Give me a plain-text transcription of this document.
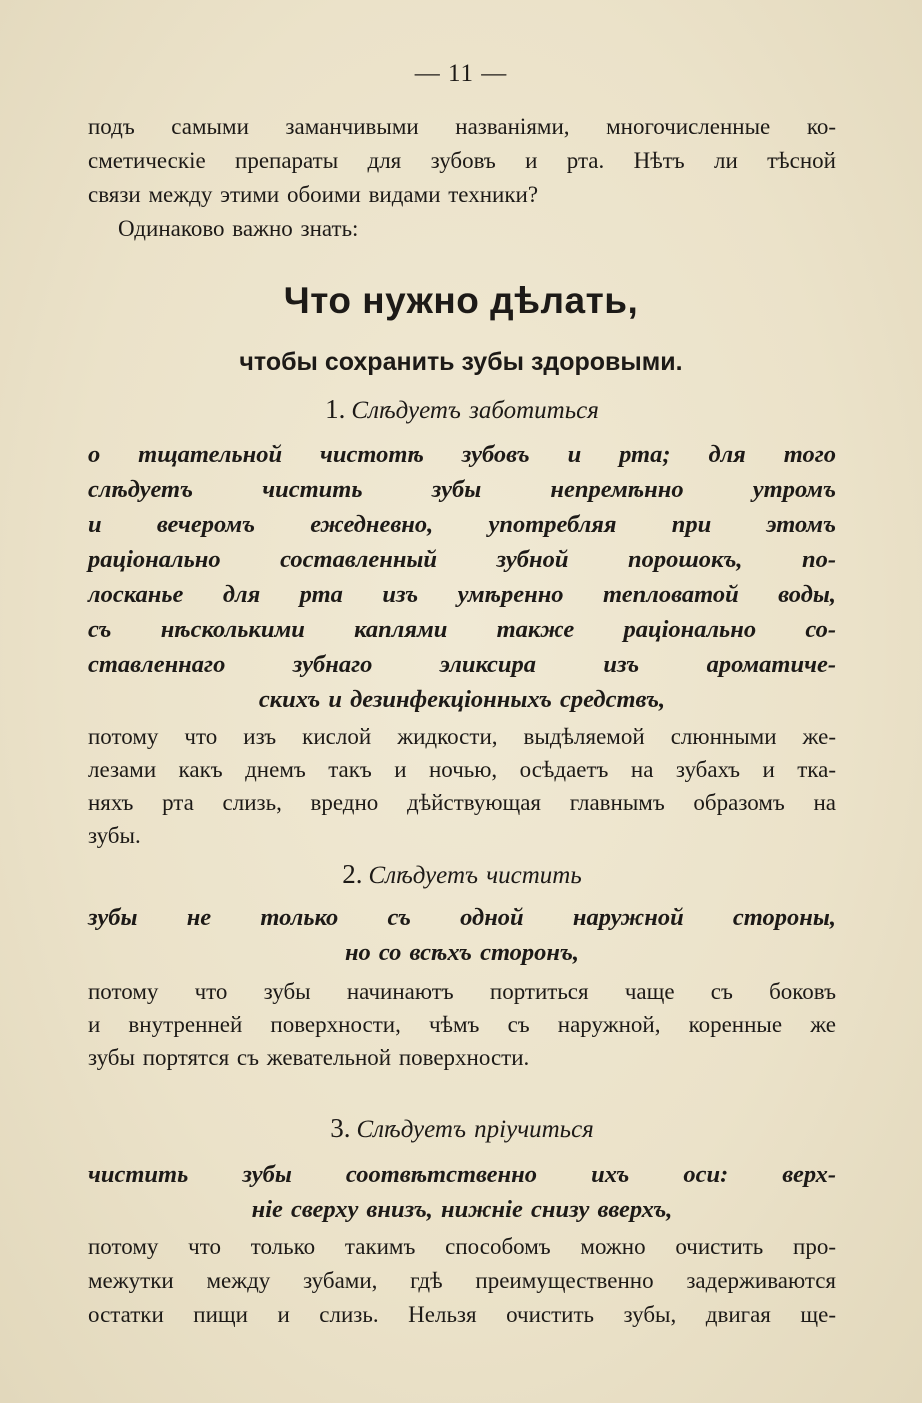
— 11 —
подъ самыми заманчивыми названіями, многочисленные ко-
сметическіе препараты для зубовъ и рта. Нѣтъ ли тѣсной
связи между этими обоими видами техники?
Одинаково важно знать:
Что нужно дѣлать,
чтобы сохранить зубы здоровыми.
1. Слѣдуетъ заботиться
о тщательной чистотѣ зубовъ и рта; для того
слѣдуетъ чистить зубы непремѣнно утромъ
и вечеромъ ежедневно, употребляя при этомъ
раціонально составленный зубной порошокъ, по-
лосканье для рта изъ умѣренно тепловатой воды,
съ нѣсколькими каплями также раціонально со-
ставленнаго зубнаго эликсира изъ ароматиче-
скихъ и дезинфекціонныхъ средствъ,
потому что изъ кислой жидкости, выдѣляемой слюнными же-
лезами какъ днемъ такъ и ночью, осѣдаетъ на зубахъ и тка-
няхъ рта слизь, вредно дѣйствующая главнымъ образомъ на
зубы.
2. Слѣдуетъ чистить
зубы не только съ одной наружной стороны,
но со всѣхъ сторонъ,
потому что зубы начинаютъ портиться чаще съ боковъ
и внутренней поверхности, чѣмъ съ наружной, коренные же
зубы портятся съ жевательной поверхности.
3. Слѣдуетъ пріучиться
чистить зубы соотвѣтственно ихъ оси: верх-
ніе сверху внизъ, нижніе снизу вверхъ,
потому что только такимъ способомъ можно очистить про-
межутки между зубами, гдѣ преимущественно задерживаются
остатки пищи и слизь. Нельзя очистить зубы, двигая ще-
